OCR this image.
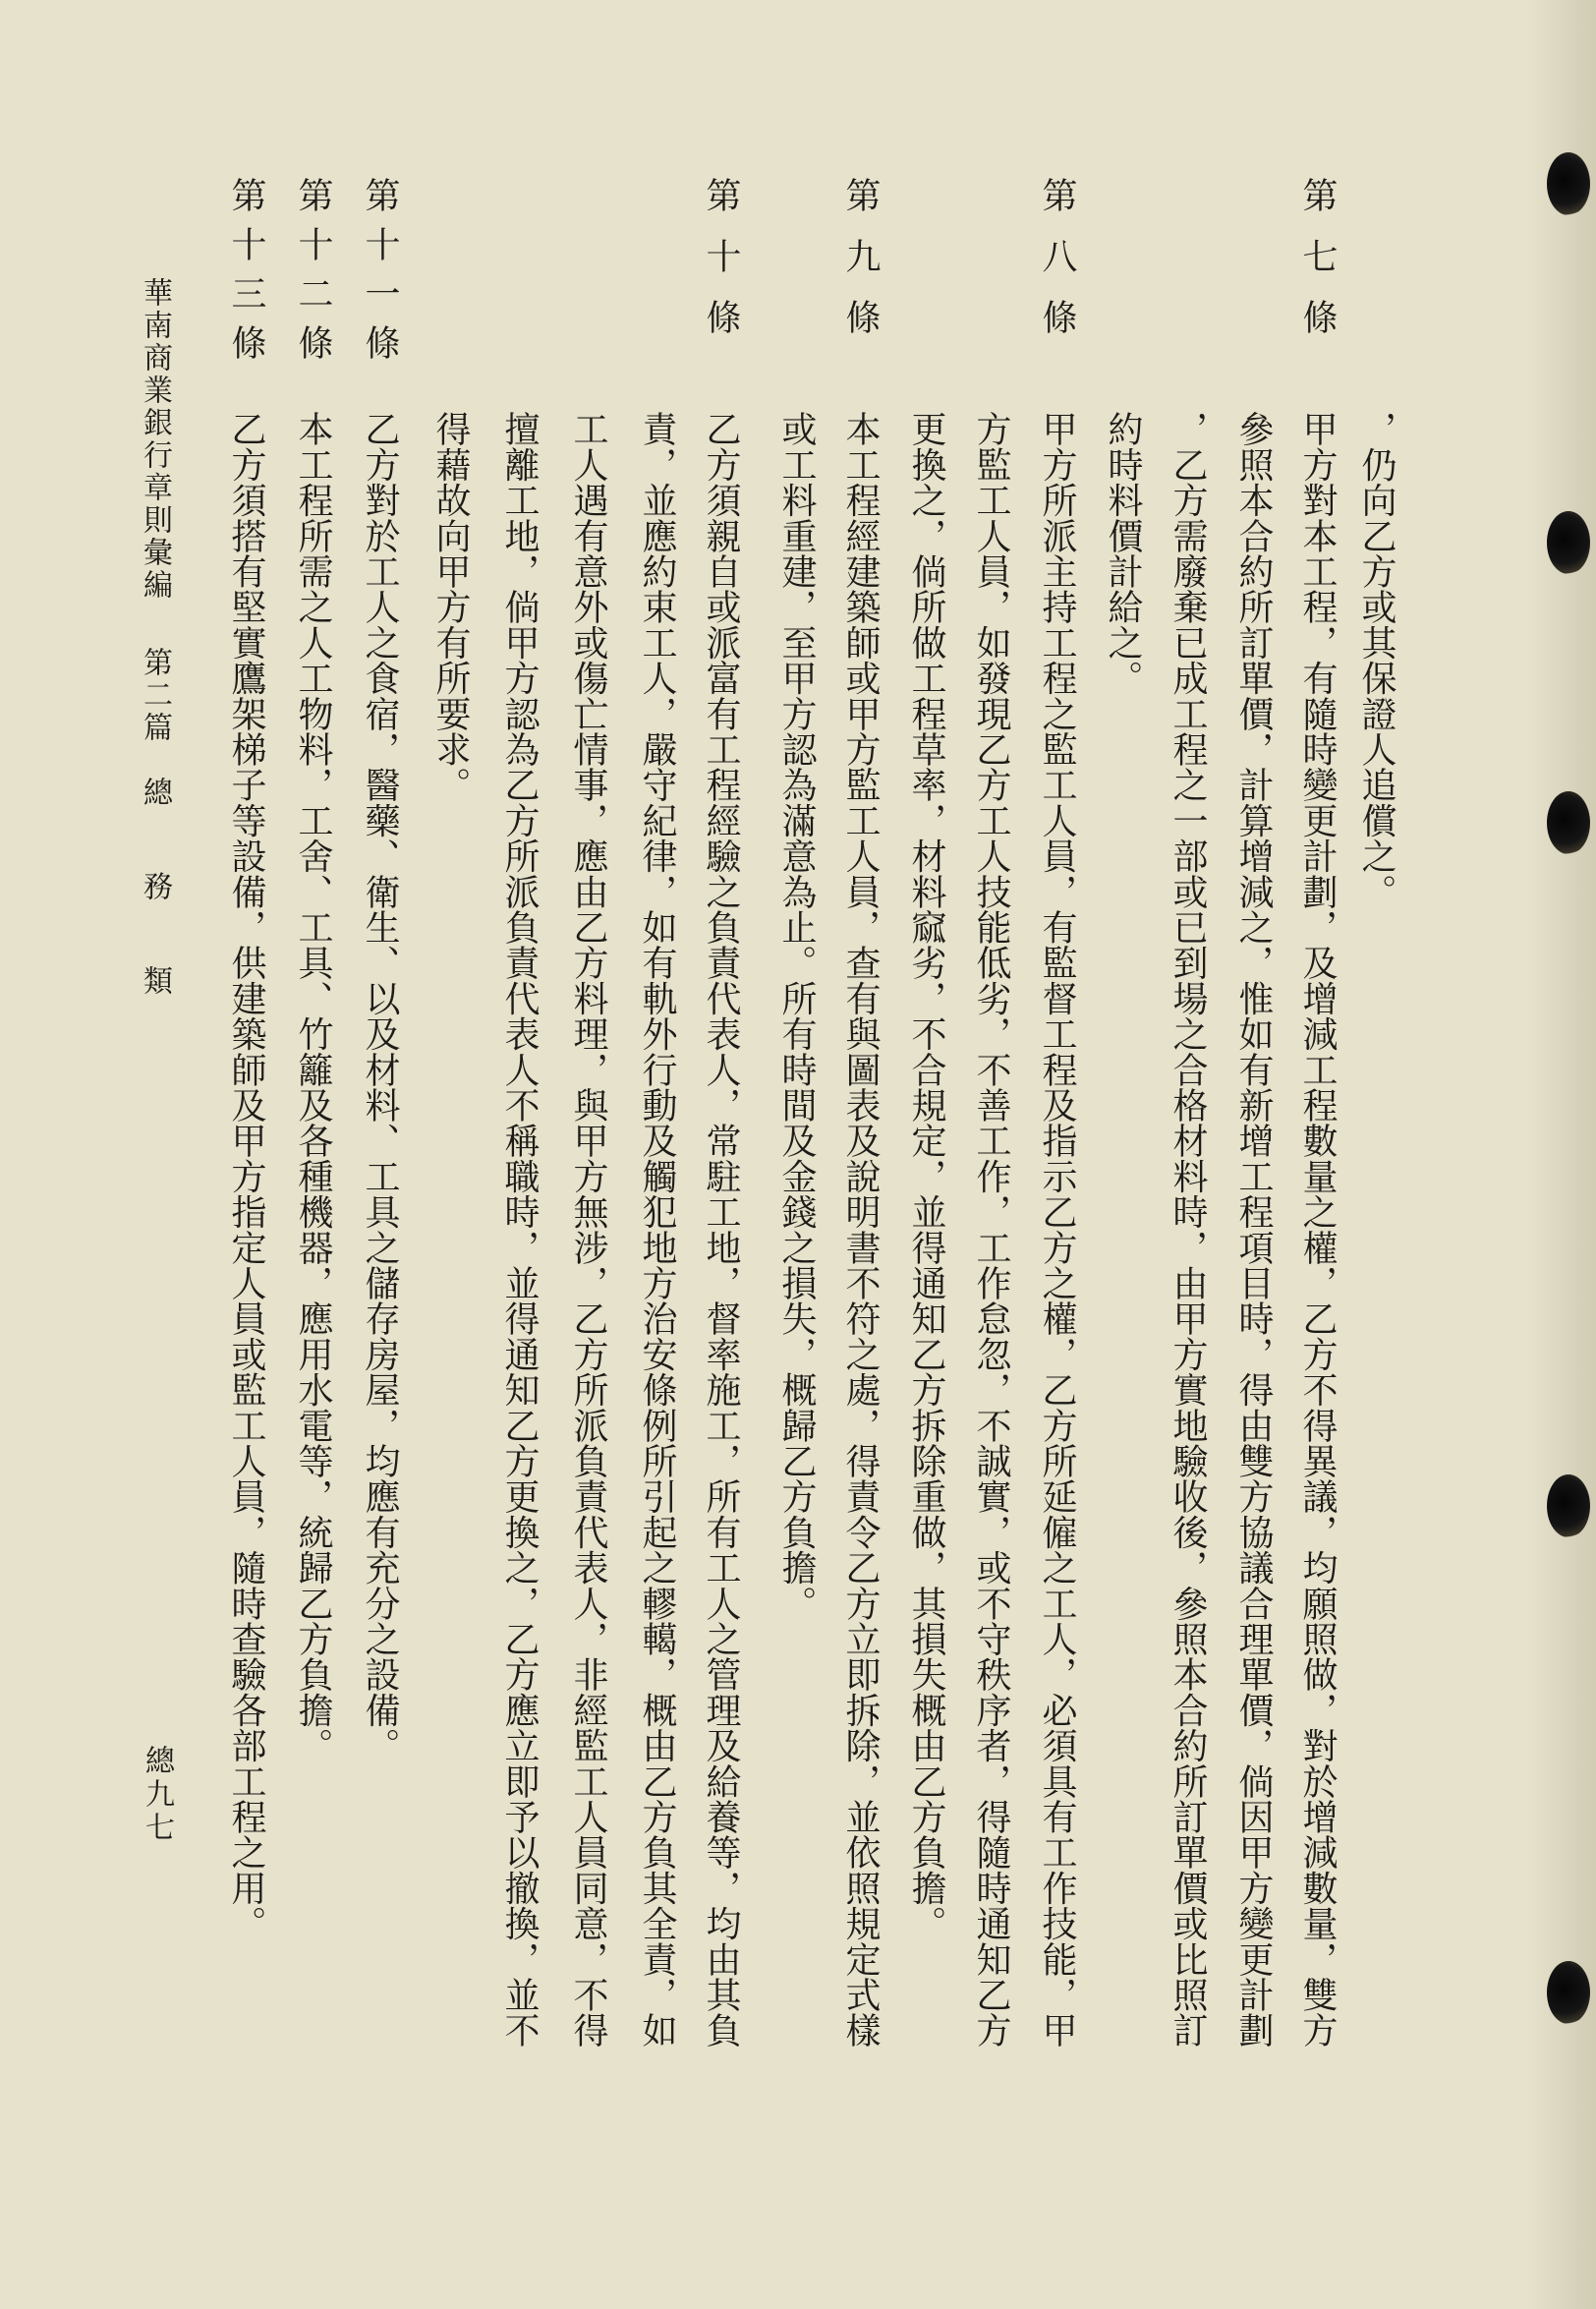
第七條
，仍向乙方或其保證人追償之。
甲方對本工程，有隨時變更計劃，及增減工程數量之權，乙方不得異議，均願照做，對於增減數量，雙方
參照本合約所訂單價，計算增減之，惟如有新增工程項目時，得由雙方協議合理單價，倘因甲方變更計劃
，乙方需廢棄已成工程之一部或已到場之合格材料時，由甲方實地驗收後，參照本合約所訂單價或比照訂
約時料價計給之。
第八條
甲方所派主持工程之監工人員，有監督工程及指示乙方之權，乙方所延僱之工人，必須具有工作技能，甲
方監工人員，如發現乙方工人技能低劣，不善工作，工作怠忽，不誠實，或不守秩序者，得隨時通知乙方
更換之，倘所做工程草率，材料窳劣，不合規定，並得通知乙方拆除重做，其損失概由乙方負擔。
第九條
本工程經建築師或甲方監工人員，查有與圖表及說明書不符之處，得責令乙方立即拆除，並依照規定式樣
或工料重建，至甲方認為滿意為止。所有時間及金錢之損失，概歸乙方負擔。
第十條
乙方須親自或派富有工程經驗之負責代表人，常駐工地，督率施工，所有工人之管理及給養等，均由其負
責，並應約束工人，嚴守紀律，如有軌外行動及觸犯地方治安條例所引起之轇轕，概由乙方負其全責，如
工人遇有意外或傷亡情事，應由乙方料理，與甲方無涉，乙方所派負責代表人，非經監工人員同意，不得
擅離工地，倘甲方認為乙方所派負責代表人不稱職時，並得通知乙方更換之，乙方應立即予以撤換，並不
得藉故向甲方有所要求。
第十一條
乙方對於工人之食宿，醫藥、衛生、以及材料、工具之儲存房屋，均應有充分之設備。
第十二條
本工程所需之人工物料，工舍、工具、竹籬及各種機器，應用水電等，統歸乙方負擔。
第十三條
乙方須搭有堅實鷹架梯子等設備，供建築師及甲方指定人員或監工人員，隨時查驗各部工程之用。
華南商業銀行章則彙編
第二篇
總　務　類
總九七
